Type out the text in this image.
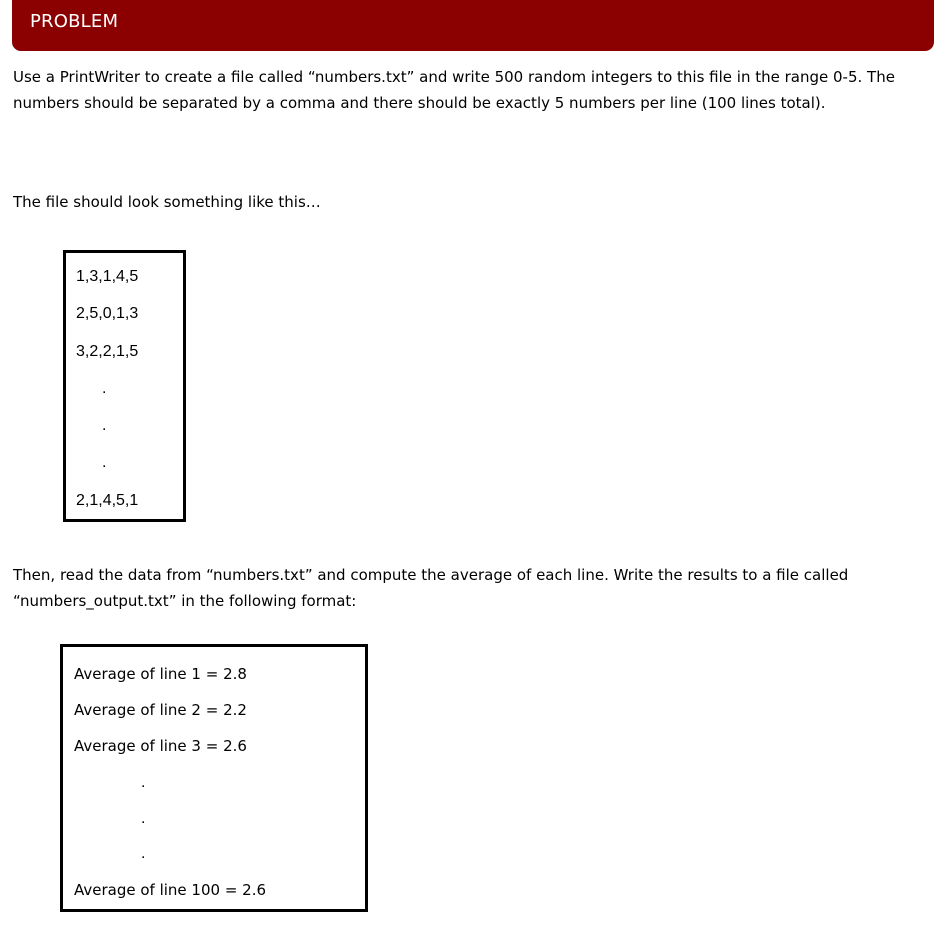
PROBLEM

Use a PrintWriter to create a file called “numbers.txt” and write 500 random integers to this file in the range 0-5. The numbers should be separated by a comma and there should be exactly 5 numbers per line (100 lines total).

The file should look something like this…

1,3,1,4,5
2,5,0,1,3
3,2,2,1,5
.
.
.
2,1,4,5,1

Then, read the data from “numbers.txt” and compute the average of each line. Write the results to a file called “numbers_output.txt” in the following format:

Average of line 1 = 2.8
Average of line 2 = 2.2
Average of line 3 = 2.6
.
.
.
Average of line 100 = 2.6
